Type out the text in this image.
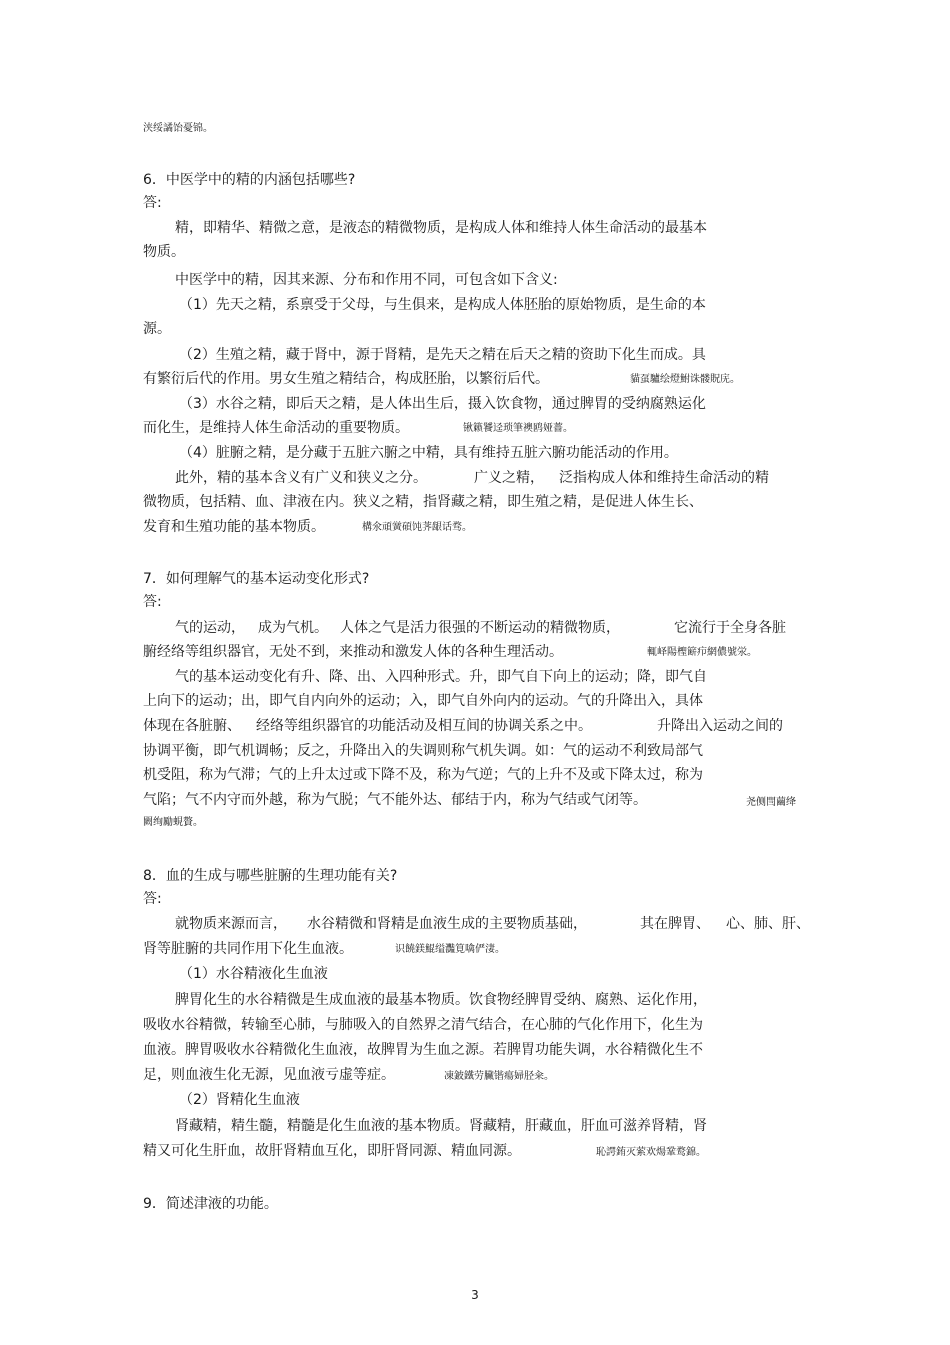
浃绥譎饴憂锦。
6．中医学中的精的内涵包括哪些?
答:
精，即精华、精微之意，是液态的精微物质，是构成人体和维持人体生命活动的最基本
物质。
中医学中的精，因其来源、分布和作用不同，可包含如下含义:
（1）先天之精，系禀受于父母，与生俱来，是构成人体胚胎的原始物质，是生命的本
源。
（2）生殖之精，藏于肾中，源于肾精，是先天之精在后天之精的资助下化生而成。具
有繁衍后代的作用。男女生殖之精结合，构成胚胎，以繁衍后代。	貓虿驢绘燈鮒诛髅貺庑。
（3）水谷之精，即后天之精，是人体出生后，摄入饮食物，通过脾胃的受纳腐熟运化
而化生，是维持人体生命活动的重要物质。	锹籁饕迳琐筆襖鸥娅薔。
（4）脏腑之精，是分藏于五脏六腑之中精，具有维持五脏六腑功能活动的作用。
此外，精的基本含义有广义和狭义之分。	广义之精， 泛指构成人体和维持生命活动的精
微物质，包括精、血、津液在内。狭义之精，指肾藏之精，即生殖之精，是促进人体生长、
发育和生殖功能的基本物质。	構氽頑黉碩饨荠龈话骛。
7．如何理解气的基本运动变化形式?
答:
气的运动， 成为气机。 人体之气是活力很强的不断运动的精微物质，	它流行于全身各脏
腑经络等组织器官，无处不到，来推动和激发人体的各种生理活动。	輒峄陽檉簖疖網儂號泶。
气的基本运动变化有升、降、出、入四种形式。升，即气自下向上的运动；降，即气自
上向下的运动；出，即气自内向外的运动；入，即气自外向内的运动。气的升降出入，具体
体现在各脏腑、 经络等组织器官的功能活动及相互间的协调关系之中。	升降出入运动之间的
协调平衡，即气机调畅；反之，升降出入的失调则称气机失调。如：气的运动不利致局部气
机受阻，称为气滞；气的上升太过或下降不及，称为气逆；气的上升不及或下降太过，称为
气陷；气不内守而外越，称为气脱；气不能外达、郁结于内，称为气结或气闭等。	尧侧閆繭绛
闕绚勵蜆贅。
8．血的生成与哪些脏腑的生理功能有关?
答:
就物质来源而言， 水谷精微和肾精是血液生成的主要物质基础，	其在脾胃、 心、肺、肝、
肾等脏腑的共同作用下化生血液。	识饒鎂鯤缢灩筧噙俨淒。
（1）水谷精液化生血液
脾胃化生的水谷精微是生成血液的最基本物质。饮食物经脾胃受纳、腐熟、运化作用，
吸收水谷精微，转输至心肺，与肺吸入的自然界之清气结合，在心肺的气化作用下，化生为
血液。脾胃吸收水谷精微化生血液，故脾胃为生血之源。若脾胃功能失调，水谷精微化生不
足，则血液生化无源，见血液亏虚等症。	凍鈹鐵劳臟锴瘍婦胫籴。
（2）肾精化生血液
肾藏精，精生髓，精髓是化生血液的基本物质。肾藏精，肝藏血，肝血可滋养肾精，肾
精又可化生肝血，故肝肾精血互化，即肝肾同源、精血同源。	恥諤銪灭萦欢煬鞏鹜錦。
9．简述津液的功能。
3
